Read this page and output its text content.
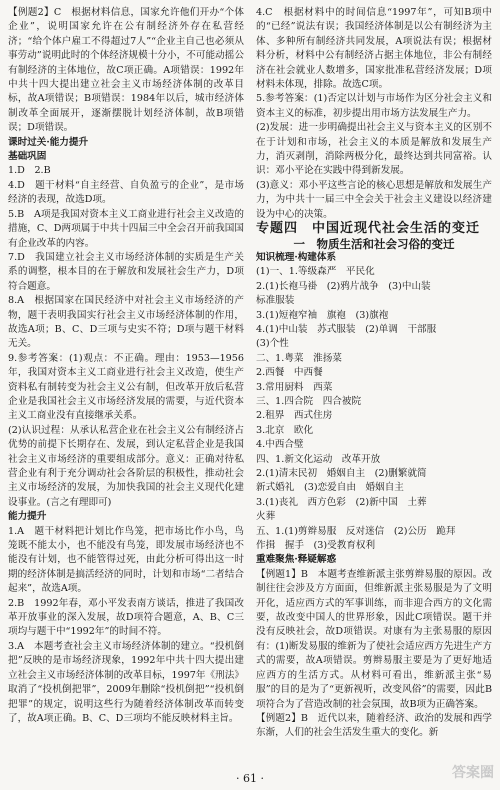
【例题2】C　根据材料信息，国家允许他们开办“个体企业”，说明国家允许在公有制经济外存在私营经济；“给个体户雇工不得超过7人”“企业主自己也必须从事劳动”说明此时的个体经济规模十分小，不可能动摇公有制经济的主体地位，故C项正确。A项错误：1992年中共十四大提出建立社会主义市场经济体制的改革目标，故A项错误；B项错误：1984年以后，城市经济体制改革全面展开，逐渐摆脱计划经济体制，故B项错误；D项错误。

课时过关·能力提升

基础巩固

1.D　2.B

4.D　题干材料“自主经营、自负盈亏的企业”，是市场经济的表现，故选D项。

5.B　A项是我国对资本主义工商业进行社会主义改造的措施，C、D两项属于中共十四届三中全会召开前我国国有企业改革的内容。

7.D　我国建立社会主义市场经济体制的实质是生产关系的调整，根本目的在于解放和发展社会生产力，D项符合题意。

8.A　根据国家在国民经济中对社会主义市场经济的产物，题干表明我国实行社会主义市场经济体制的作用，故选A项；B、C、D三项与史实不符；D项与题干材料无关。

9.参考答案：(1)观点：不正确。理由：1953—1956年，我国对资本主义工商业进行社会主义改造，使生产资料私有制转变为社会主义公有制，但改革开放后私营企业是我国社会主义市场经济发展的需要，与近代资本主义工商业没有直接继承关系。

(2)认识过程：从承认私营企业在社会主义公有制经济占优势的前提下长期存在、发展，到认定私营企业是我国社会主义市场经济的重要组成部分。意义：正确对待私营企业有利于充分调动社会各阶层的积极性，推动社会主义市场经济的发展，为加快我国的社会主义现代化建设事业。(言之有理即可)

能力提升

1.A　题干材料把计划比作鸟笼，把市场比作小鸟，鸟笼既不能太小，也不能没有鸟笼，即发展市场经济也不能没有计划，也不能管得过死，由此分析可得出这一时期的经济体制是搞活经济的同时，计划和市场“二者结合起来”，故选A项。

2.B　1992年春，邓小平发表南方谈话，推进了我国改革开放事业的深入发展，故D项符合题意，A、B、C三项均与题干中“1992年”的时间不符。

3.A　本题考查社会主义市场经济体制的建立。“投机倒把”反映的是市场经济现象，1992年中共十四大提出建立社会主义市场经济体制的改革目标，1997年《刑法》取消了“投机倒把罪”，2009年删除“投机倒把”“投机倒把罪”的规定，说明这些行为随着经济体制改革而转变了，故A项正确。B、C、D三项均不能反映材料主旨。

4.C　根据材料中的时间信息“1997年”，可知B项中的“已经”说法有误；我国经济体制是以公有制经济为主体、多种所有制经济共同发展，A项说法有误；根据材料分析，材料中公有制经济占据主体地位，非公有制经济在社会就业人数增多，国家批准私营经济发展；D项材料未体现，排除。故选C项。

5.参考答案：(1)否定以计划与市场作为区分社会主义和资本主义的标准，初步提出用市场方法发展生产力。

(2)发展：进一步明确提出社会主义与资本主义的区别不在于计划和市场，社会主义的本质是解放和发展生产力，消灭剥削，消除两极分化，最终达到共同富裕。认识：邓小平论在实践中得到新发展。

(3)意义：邓小平这些言论的核心思想是解放和发展生产力，为中共十一届三中全会关于社会主义建设以经济建设为中心的决策。

专题四　中国近现代社会生活的变迁

一　物质生活和社会习俗的变迁

知识梳理·构建体系

(1)一、1.等级森严　平民化

2.(1)长袍马褂　(2)鸦片战争　(3)中山装

标准服装

3.(1)短袍窄袖　旗袍　(3)旗袍

4.(1)中山装　苏式服装　(2)单调　干部服

(3)个性

二、1.粤菜　淮扬菜

2.西餐　中西餐

3.常用厨料　西菜

三、1.四合院　四合被院

2.租界　西式住房

3.北京　欧化

4.中西合璧

四、1.新文化运动　改革开放

2.(1)清末民初　婚姻自主　(2)删繁就简

新式婚礼　(3)恋爱自由　婚姻自主

3.(1)丧礼　西方色彩　(2)新中国　土葬

火葬

五、1.(1)剪辫易服　反对迷信　(2)公历　跪拜

作揖　握手　(3)受教育权利

重难聚焦·释疑解惑

【例题1】B　本题考查维新派主张剪辫易服的原因。改制往往会涉及方方面面，但维新派主张易服是为了文明开化，适应西方式的军事训练，而非迎合西方的文化需要，故改变中国人的世界形象，因此C项错误。题干并没有反映社会，故D项错误。对康有为主张易服的原因有：(1)断发易服的维新为了使社会适应西方先进生产方式的需要，故A项错误。剪辫易服主要是为了更好地适应西方的生活方式。从材料可看出，维新派主张“易服”的目的是为了“更新视听，改变风俗”的需要，因此B项符合为了营造改制的社会氛围，故B项为正确答案。

【例题2】B　近代以来，随着经济、政治的发展和西学东渐，人们的社会生活发生重大的变化。新

· 61 ·	答案圈
